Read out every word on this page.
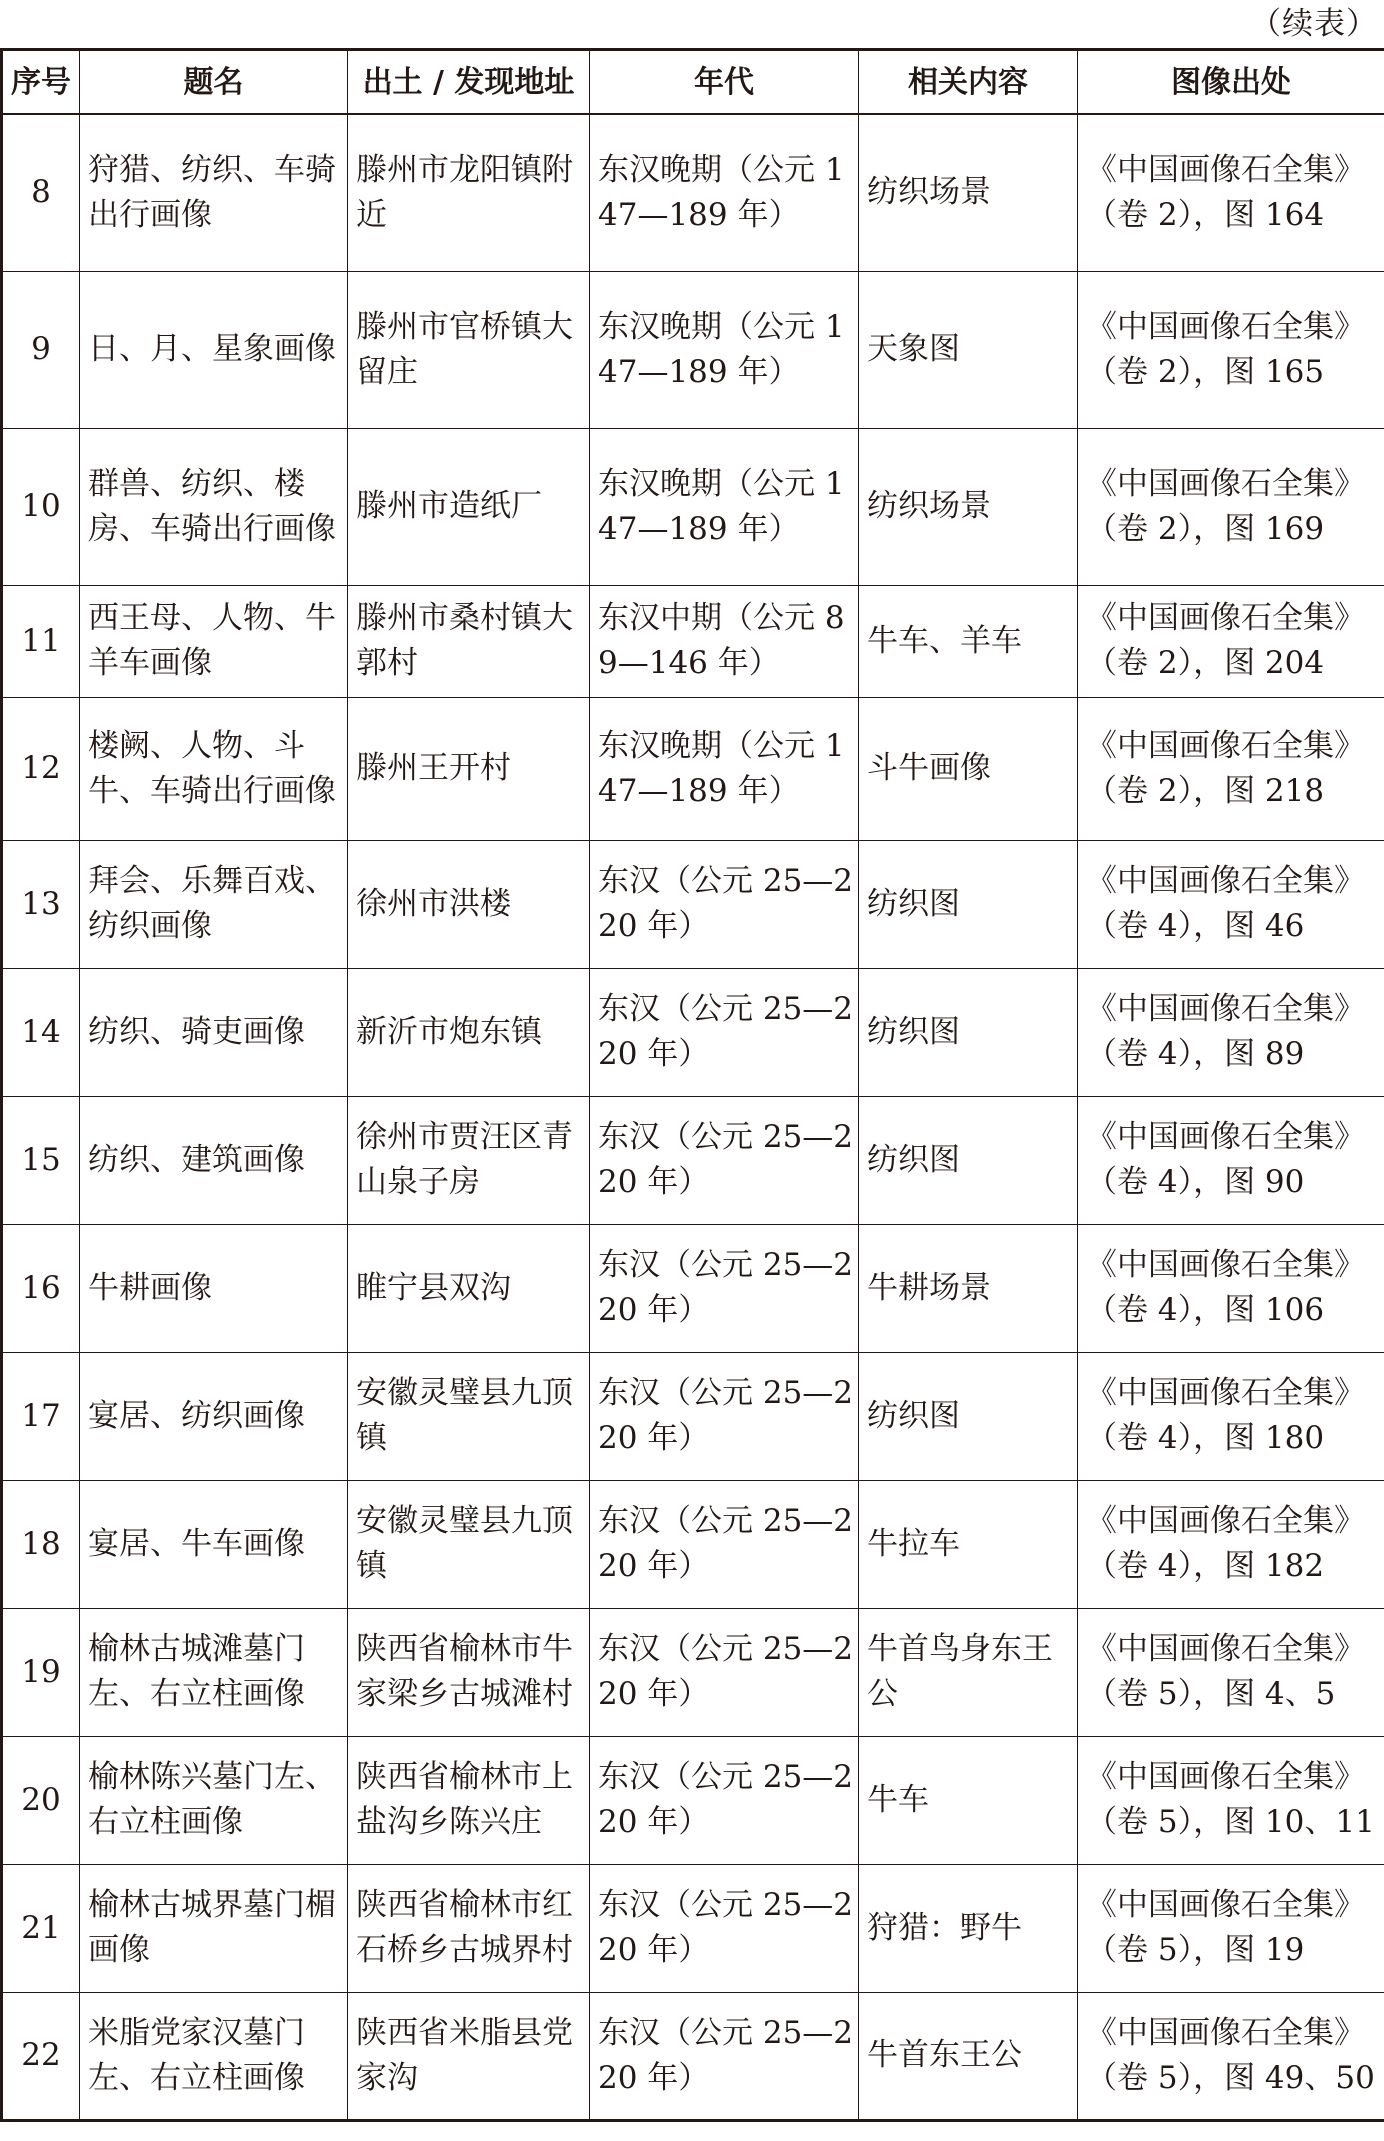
（续表）
序号	题名	出土 / 发现地址	年代	相关内容	图像出处
8	狩猎、纺织、车骑出行画像	滕州市龙阳镇附近	东汉晚期（公元 147—189 年）	纺织场景	《中国画像石全集》（卷 2），图 164
9	日、月、星象画像	滕州市官桥镇大留庄	东汉晚期（公元 147—189 年）	天象图	《中国画像石全集》（卷 2），图 165
10	群兽、纺织、楼房、车骑出行画像	滕州市造纸厂	东汉晚期（公元 147—189 年）	纺织场景	《中国画像石全集》（卷 2），图 169
11	西王母、人物、牛羊车画像	滕州市桑村镇大郭村	东汉中期（公元 89—146 年）	牛车、羊车	《中国画像石全集》（卷 2），图 204
12	楼阙、人物、斗牛、车骑出行画像	滕州王开村	东汉晚期（公元 147—189 年）	斗牛画像	《中国画像石全集》（卷 2），图 218
13	拜会、乐舞百戏、纺织画像	徐州市洪楼	东汉（公元 25—220 年）	纺织图	《中国画像石全集》（卷 4），图 46
14	纺织、骑吏画像	新沂市炮东镇	东汉（公元 25—220 年）	纺织图	《中国画像石全集》（卷 4），图 89
15	纺织、建筑画像	徐州市贾汪区青山泉子房	东汉（公元 25—220 年）	纺织图	《中国画像石全集》（卷 4），图 90
16	牛耕画像	睢宁县双沟	东汉（公元 25—220 年）	牛耕场景	《中国画像石全集》（卷 4），图 106
17	宴居、纺织画像	安徽灵璧县九顶镇	东汉（公元 25—220 年）	纺织图	《中国画像石全集》（卷 4），图 180
18	宴居、牛车画像	安徽灵璧县九顶镇	东汉（公元 25—220 年）	牛拉车	《中国画像石全集》（卷 4），图 182
19	榆林古城滩墓门左、右立柱画像	陕西省榆林市牛家梁乡古城滩村	东汉（公元 25—220 年）	牛首鸟身东王公	《中国画像石全集》（卷 5），图 4、5
20	榆林陈兴墓门左、右立柱画像	陕西省榆林市上盐沟乡陈兴庄	东汉（公元 25—220 年）	牛车	《中国画像石全集》（卷 5），图 10、11
21	榆林古城界墓门楣画像	陕西省榆林市红石桥乡古城界村	东汉（公元 25—220 年）	狩猎：野牛	《中国画像石全集》（卷 5），图 19
22	米脂党家汉墓门左、右立柱画像	陕西省米脂县党家沟	东汉（公元 25—220 年）	牛首东王公	《中国画像石全集》（卷 5），图 49、50
